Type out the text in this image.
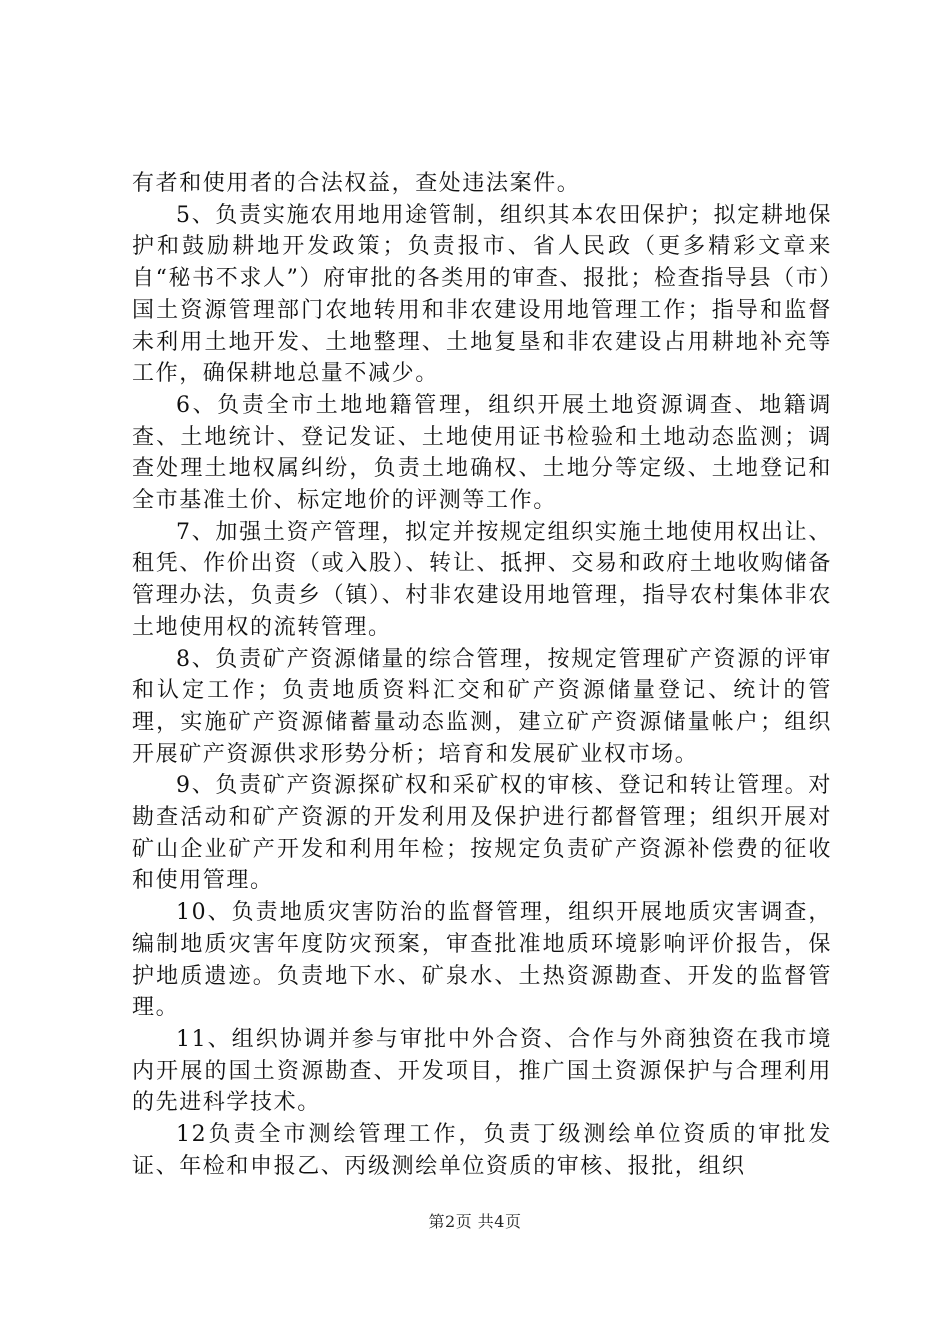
有者和使用者的合法权益，查处违法案件。

5、负责实施农用地用途管制，组织其本农田保护；拟定耕地保护和鼓励耕地开发政策；负责报市、省人民政（更多精彩文章来自“秘书不求人”）府审批的各类用的审查、报批；检查指导县（市）国土资源管理部门农地转用和非农建设用地管理工作；指导和监督未利用土地开发、土地整理、土地复垦和非农建设占用耕地补充等工作，确保耕地总量不减少。

6、负责全市土地地籍管理，组织开展土地资源调查、地籍调查、土地统计、登记发证、土地使用证书检验和土地动态监测；调查处理土地权属纠纷，负责土地确权、土地分等定级、土地登记和全市基准土价、标定地价的评测等工作。

7、加强土资产管理，拟定并按规定组织实施土地使用权出让、租凭、作价出资（或入股）、转让、抵押、交易和政府土地收购储备管理办法，负责乡（镇）、村非农建设用地管理，指导农村集体非农土地使用权的流转管理。

8、负责矿产资源储量的综合管理，按规定管理矿产资源的评审和认定工作；负责地质资料汇交和矿产资源储量登记、统计的管理，实施矿产资源储蓄量动态监测，建立矿产资源储量帐户；组织开展矿产资源供求形势分析；培育和发展矿业权市场。

9、负责矿产资源探矿权和采矿权的审核、登记和转让管理。对勘查活动和矿产资源的开发利用及保护进行都督管理；组织开展对矿山企业矿产开发和利用年检；按规定负责矿产资源补偿费的征收和使用管理。

10、负责地质灾害防治的监督管理，组织开展地质灾害调查，编制地质灾害年度防灾预案，审查批准地质环境影响评价报告，保护地质遗迹。负责地下水、矿泉水、土热资源勘查、开发的监督管理。

11、组织协调并参与审批中外合资、合作与外商独资在我市境内开展的国土资源勘查、开发项目，推广国土资源保护与合理利用的先进科学技术。

12负责全市测绘管理工作，负责丁级测绘单位资质的审批发证、年检和申报乙、丙级测绘单位资质的审核、报批，组织

第2页 共4页
